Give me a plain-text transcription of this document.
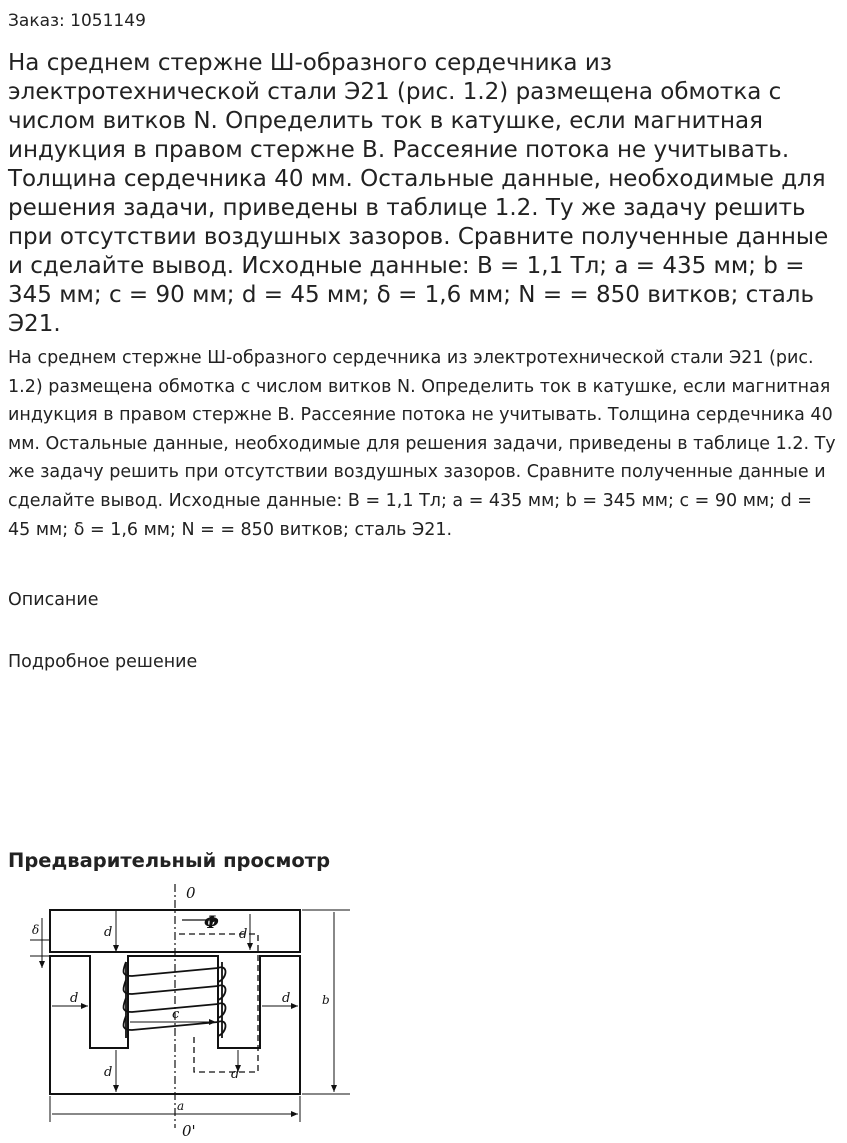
Заказ: 1051149
На среднем стержне Ш-образного сердечника из электротехнической стали Э21 (рис. 1.2) размещена обмотка с числом витков N. Определить ток в катушке, если магнитная индукция в правом стержне B. Рассеяние потока не учитывать. Толщина сердечника 40 мм. Остальные данные, необходимые для решения задачи, приведены в таблице 1.2. Ту же задачу решить при отсутствии воздушных зазоров. Сравните полученные данные и сделайте вывод. Исходные данные: B = 1,1 Тл; a = 435 мм; b = 345 мм; c = 90 мм; d = 45 мм; δ = 1,6 мм; N = = 850 витков; сталь Э21.

На среднем стержне Ш-образного сердечника из электротехнической стали Э21 (рис. 1.2) размещена обмотка с числом витков N. Определить ток в катушке, если магнитная индукция в правом стержне B. Рассеяние потока не учитывать. Толщина сердечника 40 мм. Остальные данные, необходимые для решения задачи, приведены в таблице 1.2. Ту же задачу решить при отсутствии воздушных зазоров. Сравните полученные данные и сделайте вывод. Исходные данные: B = 1,1 Тл; a = 435 мм; b = 345 мм; c = 90 мм; d = 45 мм; δ = 1,6 мм; N = = 850 витков; сталь Э21.

Описание
Подробное решение
Предварительный просмотр
0
Φ
δ	d	d
d	d
c
d	d
b
a
0'
